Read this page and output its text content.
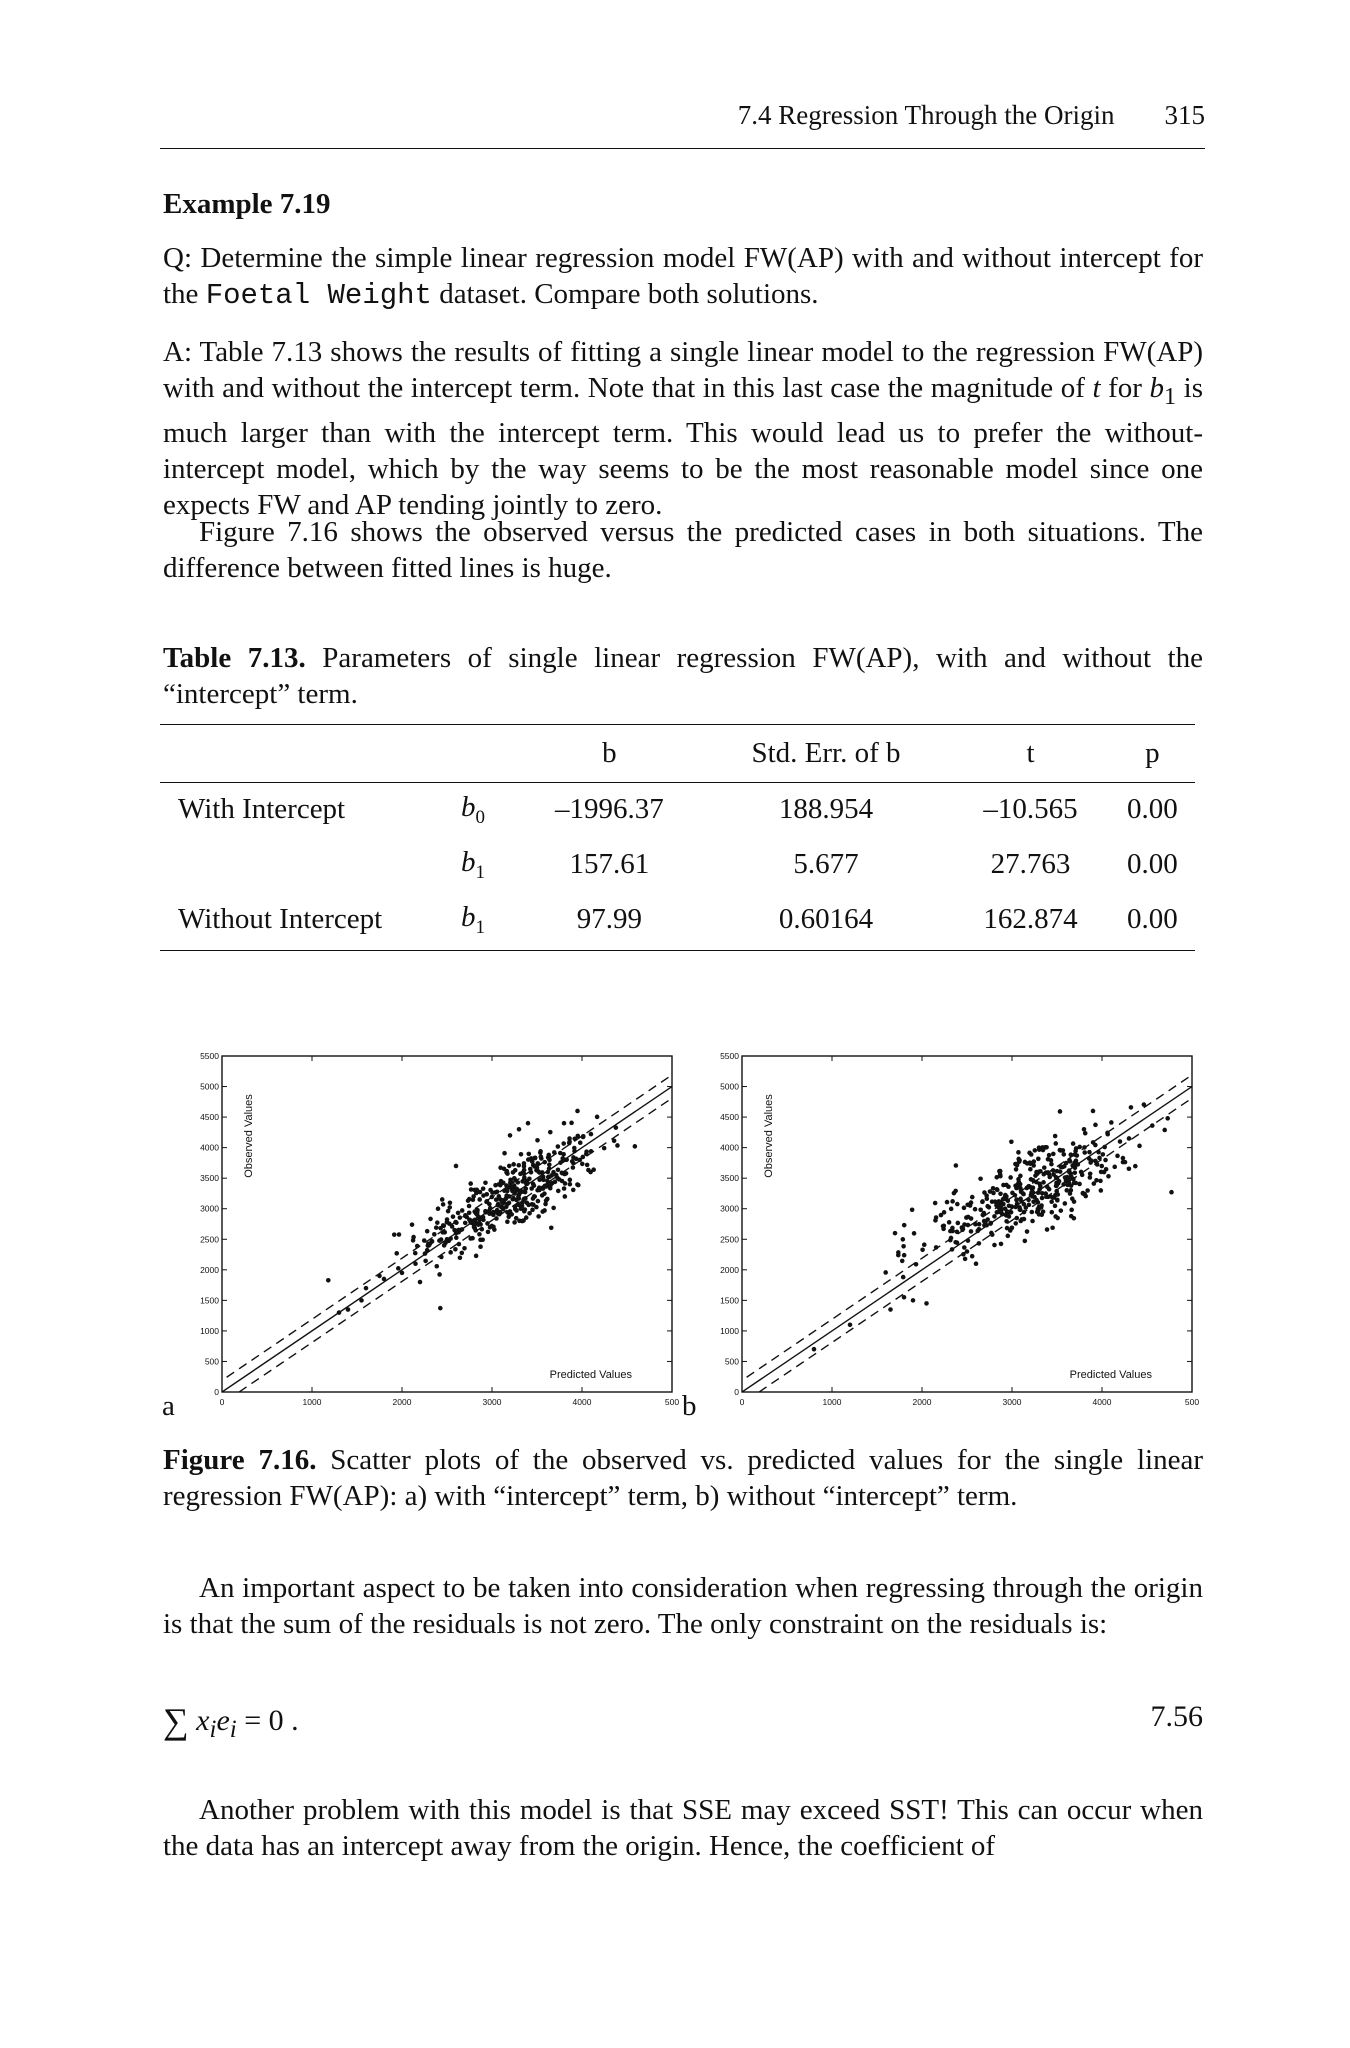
7.4 Regression Through the Origin 315
Example 7.19
Q: Determine the simple linear regression model FW(AP) with and without intercept for the Foetal Weight dataset. Compare both solutions.
A: Table 7.13 shows the results of fitting a single linear model to the regression FW(AP) with and without the intercept term. Note that in this last case the magnitude of t for $b_1$ is much larger than with the intercept term. This would lead us to prefer the without-intercept model, which by the way seems to be the most reasonable model since one expects FW and AP tending jointly to zero.
Figure 7.16 shows the observed versus the predicted cases in both situations. The difference between fitted lines is huge.
Table 7.13. Parameters of single linear regression FW(AP), with and without the “intercept” term.
		b	Std. Err. of b	t	p
With Intercept	$b_0$	–1996.37	188.954	–10.565	0.00
	$b_1$	157.61	5.677	27.763	0.00
Without Intercept	$b_1$	97.99	0.60164	162.874	0.00
0
500
1000
1500
2000
2500
3000
3500
4000
4500
5000
5500
0	1000	2000	3000	4000	500
Observed Values
Predicted Values
0
500
1000
1500
2000
2500
3000
3500
4000
4500
5000
5500
0	1000	2000	3000	4000	500
Observed Values
Predicted Values
a	b
Figure 7.16. Scatter plots of the observed vs. predicted values for the single linear regression FW(AP): a) with “intercept” term, b) without “intercept” term.
An important aspect to be taken into consideration when regressing through the origin is that the sum of the residuals is not zero. The only constraint on the residuals is:
∑ $x_ie_i = 0$ .	7.56
Another problem with this model is that SSE may exceed SST! This can occur when the data has an intercept away from the origin. Hence, the coefficient of
